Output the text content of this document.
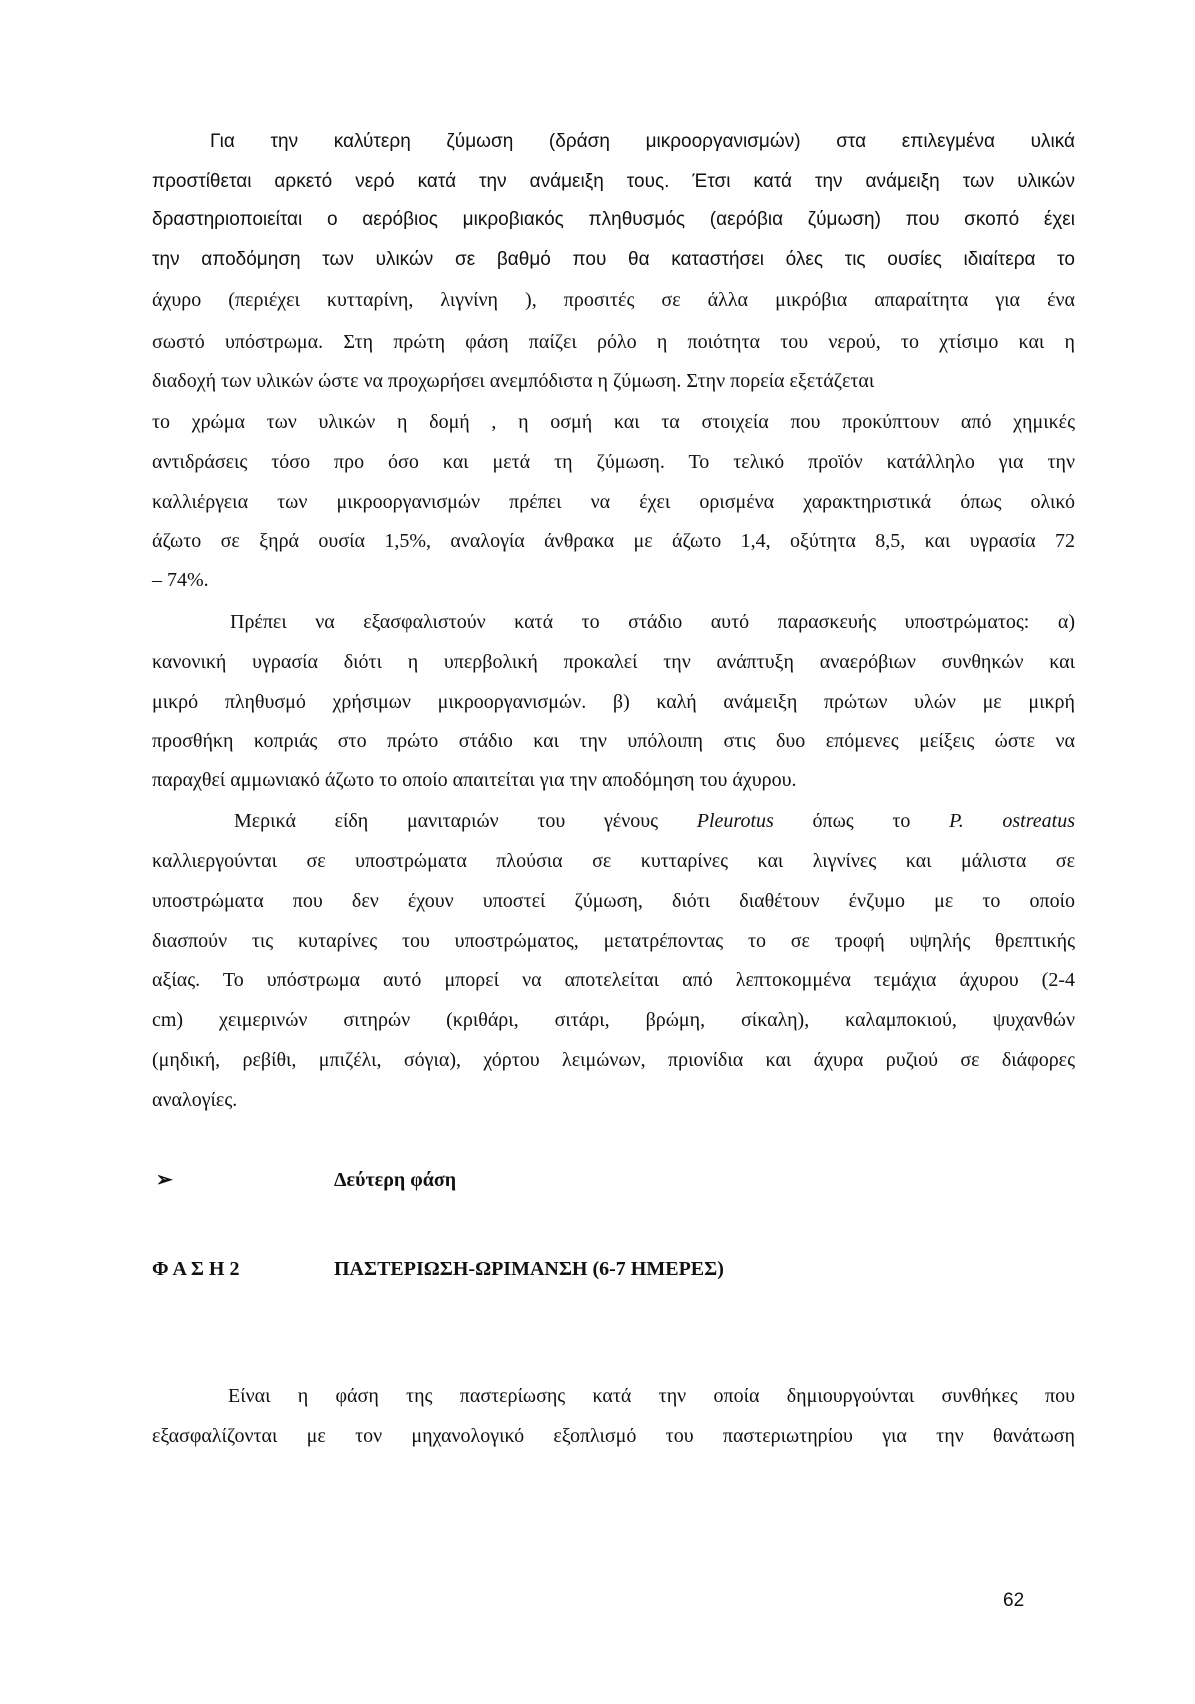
Για την καλύτερη ζύμωση (δράση μικροοργανισμών) στα επιλεγμένα υλικά
προστίθεται αρκετό νερό κατά την ανάμειξη τους. Έτσι κατά την ανάμειξη των υλικών
δραστηριοποιείται ο αερόβιος μικροβιακός πληθυσμός (αερόβια ζύμωση) που σκοπό έχει
την αποδόμηση των υλικών σε βαθμό που θα καταστήσει όλες τις ουσίες ιδιαίτερα το
άχυρο (περιέχει κυτταρίνη, λιγνίνη ), προσιτές σε άλλα μικρόβια απαραίτητα για ένα
σωστό υπόστρωμα. Στη πρώτη φάση παίζει ρόλο η ποιότητα του νερού, το χτίσιμο και η
διαδοχή των υλικών ώστε να προχωρήσει ανεμπόδιστα η ζύμωση. Στην πορεία εξετάζεται
το χρώμα των υλικών η δομή , η οσμή και τα στοιχεία που προκύπτουν από χημικές
αντιδράσεις τόσο προ όσο και μετά τη ζύμωση. Το τελικό προϊόν κατάλληλο για την
καλλιέργεια των μικροοργανισμών πρέπει να έχει ορισμένα χαρακτηριστικά όπως ολικό
άζωτο σε ξηρά ουσία 1,5%, αναλογία άνθρακα με άζωτο 1,4, οξύτητα 8,5, και υγρασία 72
– 74%.
Πρέπει να εξασφαλιστούν κατά το στάδιο αυτό παρασκευής υποστρώματος: α)
κανονική υγρασία διότι η υπερβολική προκαλεί την ανάπτυξη αναερόβιων συνθηκών και
μικρό πληθυσμό χρήσιμων μικροοργανισμών. β) καλή ανάμειξη πρώτων υλών με μικρή
προσθήκη κοπριάς στο πρώτο στάδιο και την υπόλοιπη στις δυο επόμενες μείξεις ώστε να
παραχθεί αμμωνιακό άζωτο το οποίο απαιτείται για την αποδόμηση του άχυρου.
Μερικά είδη μανιταριών του γένους Pleurotus όπως το P. ostreatus
καλλιεργούνται σε υποστρώματα πλούσια σε κυτταρίνες και λιγνίνες και μάλιστα σε
υποστρώματα που δεν έχουν υποστεί ζύμωση, διότι διαθέτουν ένζυμο με το οποίο
διασπούν τις κυταρίνες του υποστρώματος, μετατρέποντας το σε τροφή υψηλής θρεπτικής
αξίας. Το υπόστρωμα αυτό μπορεί να αποτελείται από λεπτοκομμένα τεμάχια άχυρου (2-4
cm) χειμερινών σιτηρών (κριθάρι, σιτάρι, βρώμη, σίκαλη), καλαμποκιού, ψυχανθών
(μηδική, ρεβίθι, μπιζέλι, σόγια), χόρτου λειμώνων, πριονίδια και άχυρα ρυζιού σε διάφορες
αναλογίες.
➢	Δεύτερη φάση
Φ Α Σ Η 2	ΠΑΣΤΕΡΙΩΣΗ-ΩΡΙΜΑΝΣΗ (6-7 ΗΜΕΡΕΣ)
Είναι η φάση της παστερίωσης κατά την οποία δημιουργούνται συνθήκες που
εξασφαλίζονται με τον μηχανολογικό εξοπλισμό του παστεριωτηρίου για την θανάτωση
62
